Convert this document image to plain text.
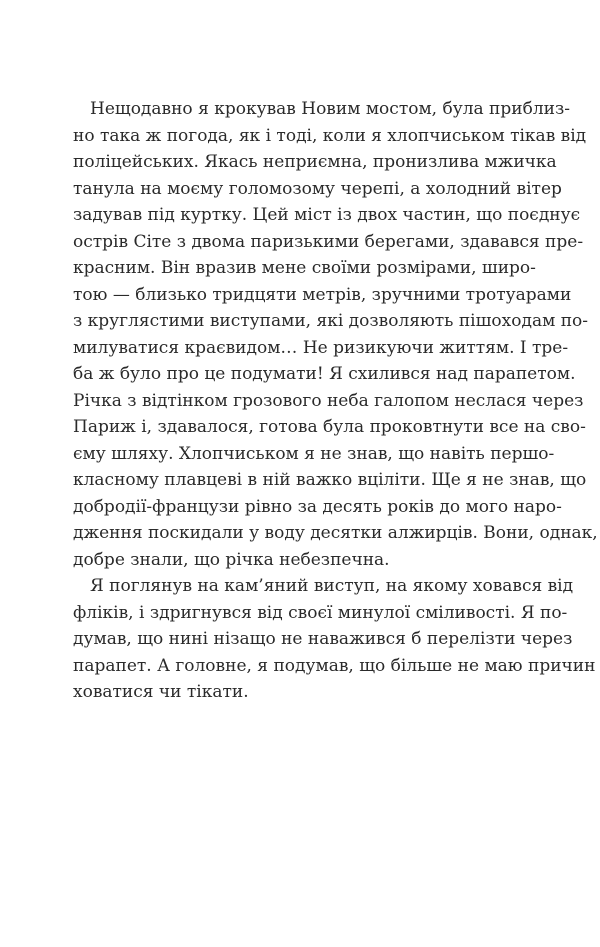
Нещодавно я крокував Новим мостом, була приблиз-
но така ж погода, як і тоді, коли я хлопчиськом тікав від
поліцейських. Якась неприємна, пронизлива мжичка
танула на моєму голомозому черепі, а холодний вітер
задував під куртку. Цей міст із двох частин, що поєднує
острів Сіте з двома паризькими берегами, здавався пре-
красним. Він вразив мене своїми розмірами, широ-
тою — близько тридцяти метрів, зручними тротуарами
з круглястими виступами, які дозволяють пішоходам по-
милуватися краєвидом… Не ризикуючи життям. І тре-
ба ж було про це подумати! Я схилився над парапетом.
Річка з відтінком грозового неба галопом неслася через
Париж і, здавалося, готова була проковтнути все на сво-
єму шляху. Хлопчиськом я не знав, що навіть першо-
класному плавцеві в ній важко вціліти. Ще я не знав, що
добродії-французи рівно за десять років до мого наро-
дження поскидали у воду десятки алжирців. Вони, однак,
добре знали, що річка небезпечна.
Я поглянув на кам’яний виступ, на якому ховався від
фліків, і здригнувся від своєї минулої сміливості. Я по-
думав, що нині нізащо не наважився б перелізти через
парапет. А головне, я подумав, що більше не маю причин
ховатися чи тікати.
